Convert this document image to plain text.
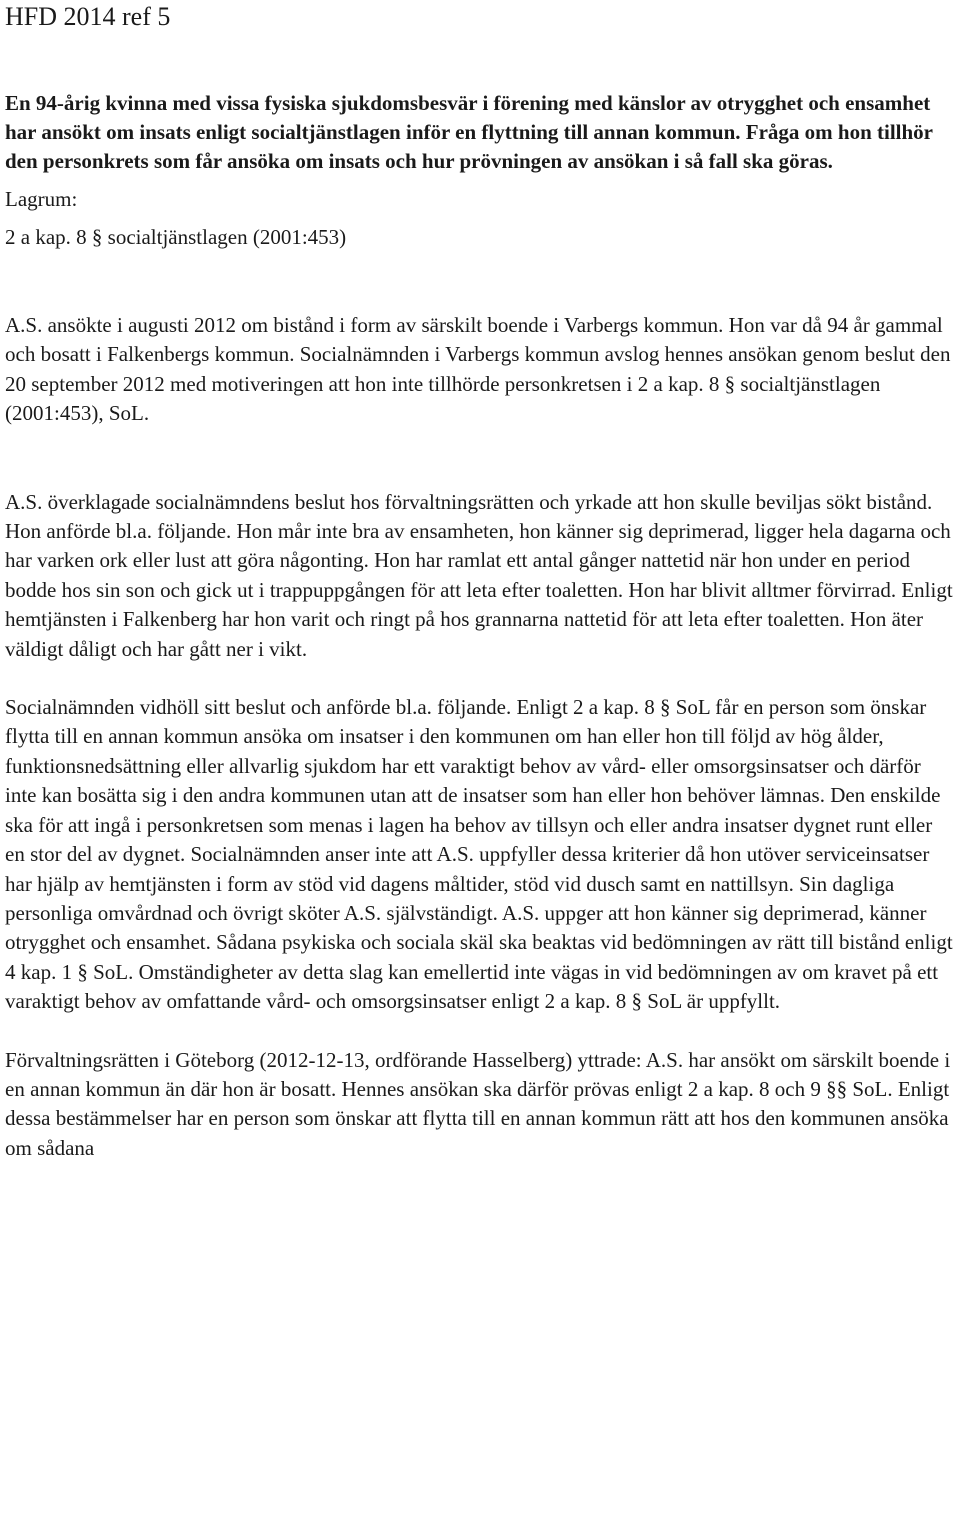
HFD 2014 ref 5

En 94-årig kvinna med vissa fysiska sjukdomsbesvär i förening med känslor av otrygghet och ensamhet har ansökt om insats enligt socialtjänstlagen inför en flyttning till annan kommun. Fråga om hon tillhör den personkrets som får ansöka om insats och hur prövningen av ansökan i så fall ska göras.

Lagrum:

2 a kap. 8 § socialtjänstlagen (2001:453)

A.S. ansökte i augusti 2012 om bistånd i form av särskilt boende i Varbergs kommun. Hon var då 94 år gammal och bosatt i Falkenbergs kommun. Socialnämnden i Varbergs kommun avslog hennes ansökan genom beslut den 20 september 2012 med motiveringen att hon inte tillhörde personkretsen i 2 a kap. 8 § socialtjänstlagen (2001:453), SoL.

A.S. överklagade socialnämndens beslut hos förvaltningsrätten och yrkade att hon skulle beviljas sökt bistånd. Hon anförde bl.a. följande. Hon mår inte bra av ensamheten, hon känner sig deprimerad, ligger hela dagarna och har varken ork eller lust att göra någonting. Hon har ramlat ett antal gånger nattetid när hon under en period bodde hos sin son och gick ut i trappuppgången för att leta efter toaletten. Hon har blivit alltmer förvirrad. Enligt hemtjänsten i Falkenberg har hon varit och ringt på hos grannarna nattetid för att leta efter toaletten. Hon äter väldigt dåligt och har gått ner i vikt.

Socialnämnden vidhöll sitt beslut och anförde bl.a. följande. Enligt 2 a kap. 8 § SoL får en person som önskar flytta till en annan kommun ansöka om insatser i den kommunen om han eller hon till följd av hög ålder, funktionsnedsättning eller allvarlig sjukdom har ett varaktigt behov av vård- eller omsorgsinsatser och därför inte kan bosätta sig i den andra kommunen utan att de insatser som han eller hon behöver lämnas. Den enskilde ska för att ingå i personkretsen som menas i lagen ha behov av tillsyn och eller andra insatser dygnet runt eller en stor del av dygnet. Socialnämnden anser inte att A.S. uppfyller dessa kriterier då hon utöver serviceinsatser har hjälp av hemtjänsten i form av stöd vid dagens måltider, stöd vid dusch samt en nattillsyn. Sin dagliga personliga omvårdnad och övrigt sköter A.S. självständigt. A.S. uppger att hon känner sig deprimerad, känner otrygghet och ensamhet. Sådana psykiska och sociala skäl ska beaktas vid bedömningen av rätt till bistånd enligt 4 kap. 1 § SoL. Omständigheter av detta slag kan emellertid inte vägas in vid bedömningen av om kravet på ett varaktigt behov av omfattande vård- och omsorgsinsatser enligt 2 a kap. 8 § SoL är uppfyllt.

Förvaltningsrätten i Göteborg (2012-12-13, ordförande Hasselberg) yttrade: A.S. har ansökt om särskilt boende i en annan kommun än där hon är bosatt. Hennes ansökan ska därför prövas enligt 2 a kap. 8 och 9 §§ SoL. Enligt dessa bestämmelser har en person som önskar att flytta till en annan kommun rätt att hos den kommunen ansöka om sådana
